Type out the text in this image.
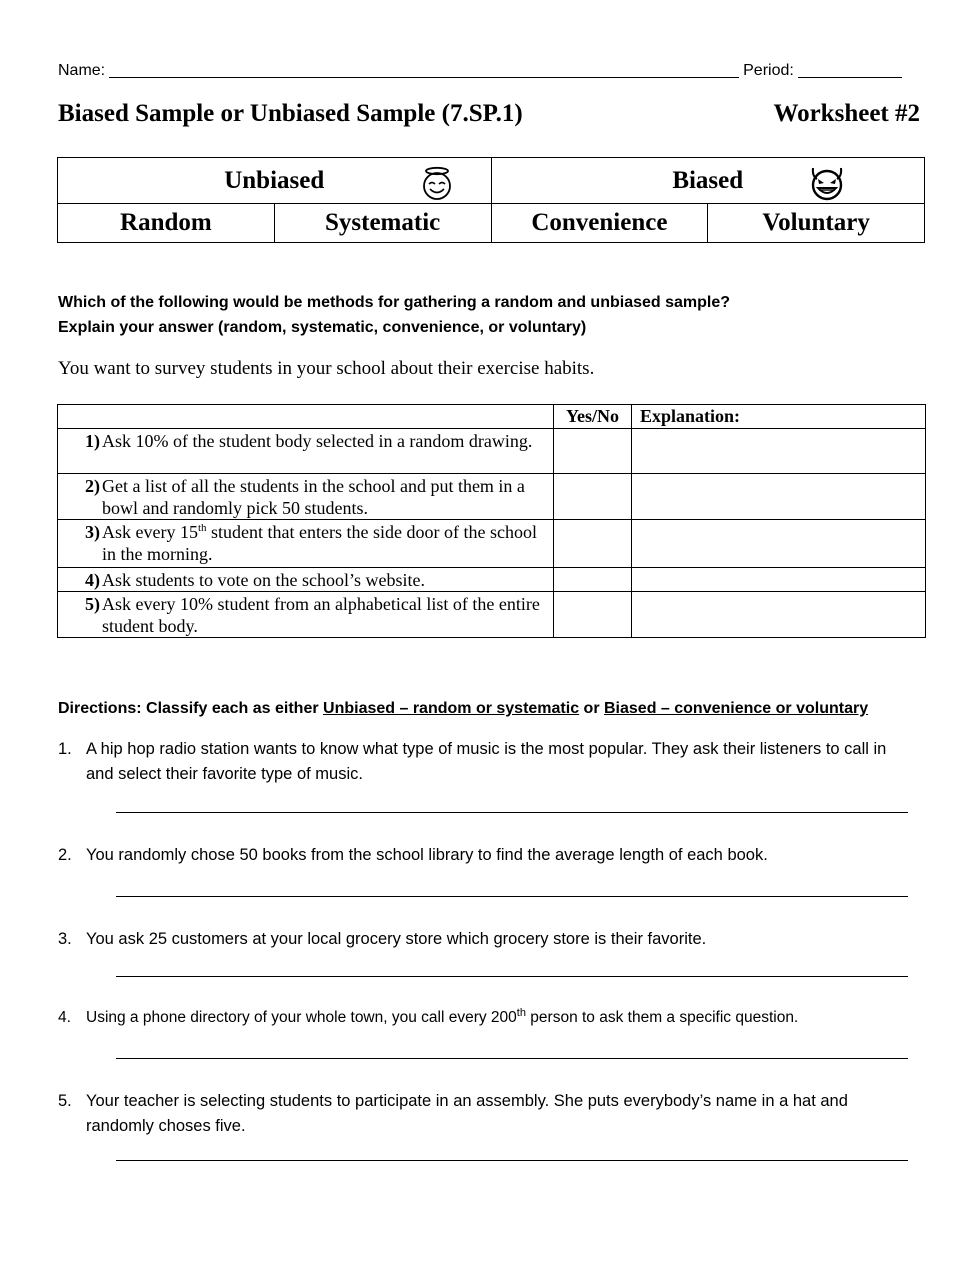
Name:	Period:
Biased Sample or Unbiased Sample (7.SP.1)	Worksheet #2
Unbiased		Biased	

Random	Systematic	Convenience	Voluntary
Which of the following would be methods for gathering a random and unbiased sample?
Explain your answer (random, systematic, convenience, or voluntary)
You want to survey students in your school about their exercise habits.
	Yes/No	Explanation:

1) Ask 10% of the student body selected in a random drawing.		

2) Get a list of all the students in the school and put them in a bowl and randomly pick 50 students.		

3) Ask every 15th student that enters the side door of the school in the morning.		

4) Ask students to vote on the school’s website.		

5) Ask every 10% student from an alphabetical list of the entire student body.		

Directions: Classify each as either Unbiased – random or systematic or Biased – convenience or voluntary
1. A hip hop radio station wants to know what type of music is the most popular. They ask their listeners to call in and select their favorite type of music.
2. You randomly chose 50 books from the school library to find the average length of each book.
3. You ask 25 customers at your local grocery store which grocery store is their favorite.
4. Using a phone directory of your whole town, you call every 200th person to ask them a specific question.
5. Your teacher is selecting students to participate in an assembly. She puts everybody’s name in a hat and randomly choses five.
